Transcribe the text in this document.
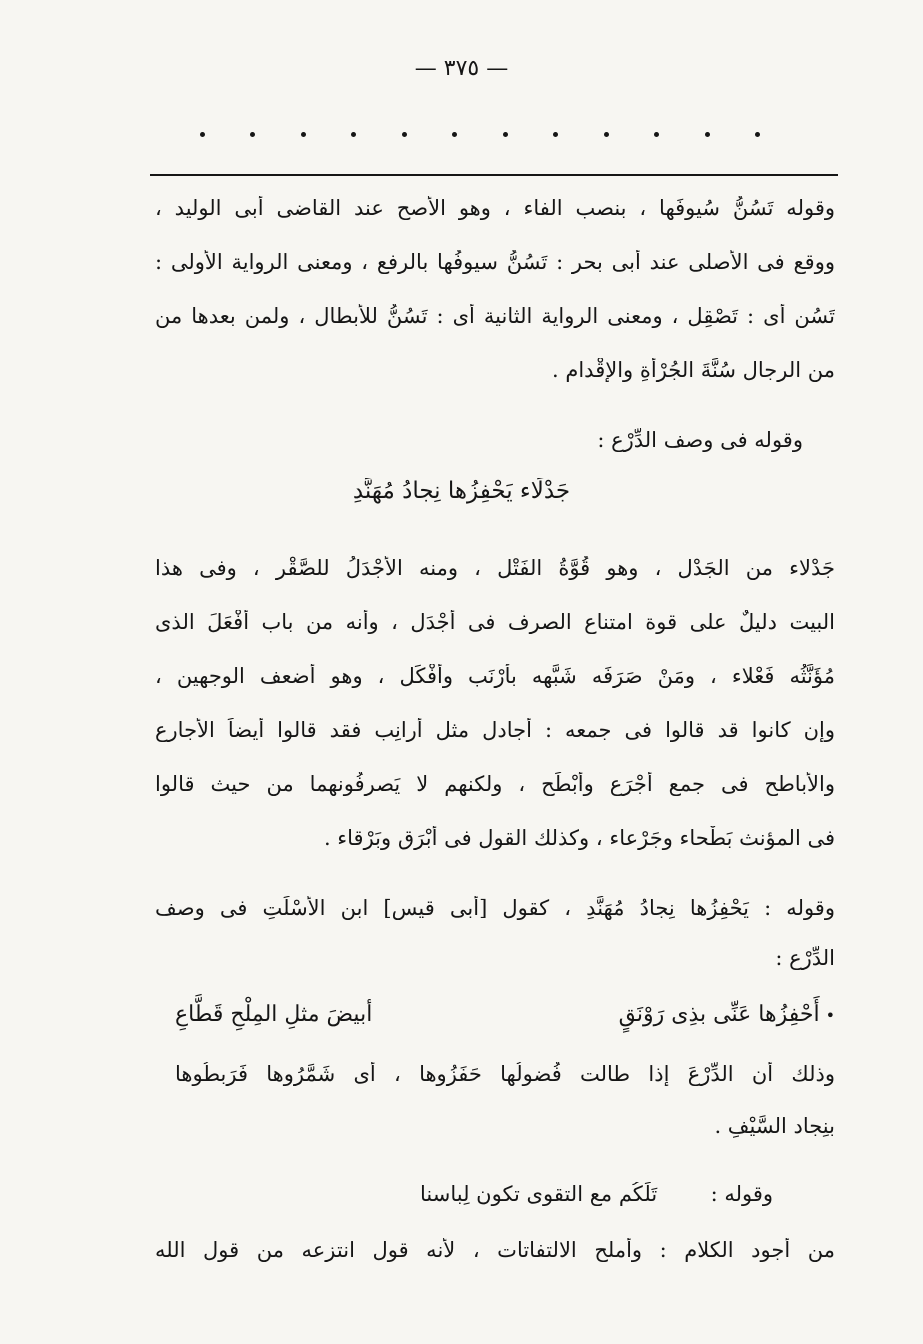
— ٣٧٥ —
وقوله تَسُنُّ سُيوفَها ، بنصب الفاء ، وهو الأصح عند القاضى أبى الوليد ،
ووقع فى الأصلى عند أبى بحر : تَسُنُّ سيوفُها بالرفع ، ومعنى الرواية الأولى :
تَسُن أى : تَصْقِل ، ومعنى الرواية الثانية أى : تَسُنُّ للأبطال ، ولمن بعدها من
من الرجال سُنَّةَ الجُرْأَةِ والإِقْدام .
وقوله فى وصف الدِّرْع :
جَدْلَاء يَحْفِزُها نِجادُ مُهَنَّدِ
جَدْلاء من الجَدْل ، وهو قُوَّةُ الفَتْلِ ، ومنه الأَجْدَلُ للصَّقْرِ ، وفى هذا
البيت دليلٌ على قوة امتناع الصرف فى أَجْدَل ، وأنه من باب أَفْعَلَ الذى
مُؤَنَّثُه فَعْلاء ، ومَنْ صَرَفَه شَبَّهه بأَرْنَب وأَفْكَل ، وهو أضعف الوجهين ،
وإن كانوا قد قالوا فى جمعه : أجادل مثل أَرانِب فقد قالوا أيضاً الأَجارِع
والأباطح فى جمع أَجْرَع وأَبْطَح ، ولكنهم لا يَصرِفُونهما من حيث قالوا
فى المؤنث بَطْحاء وجَرْعاء ، وكذلك القول فى أَبْرَق وبَرْقاء .
وقوله : يَحْفِزُها نِجادُ مُهَنَّدِ ، كقول [أبى قيس] ابن الأَسْلَتِ فى وصف
الدِّرْع :
•أَحْفِزُها عَنِّى بذِى رَوْنَقٍ
أبيضَ مثلِ المِلْحِ قَطَّاعِ
وذلك أن الدِّرْعَ إذا طالت فُضولُها حَفَزُوها ، أى شَمَّرُوها فَرَبطُوها
بنِجاد السَّيْفِ .
وقوله :  تَلَكُم مع التقوى تكون لِباسنا
من أجود الكلام : وأملح الالتفاتات ، لأنه قول انتزعه من قول الله
